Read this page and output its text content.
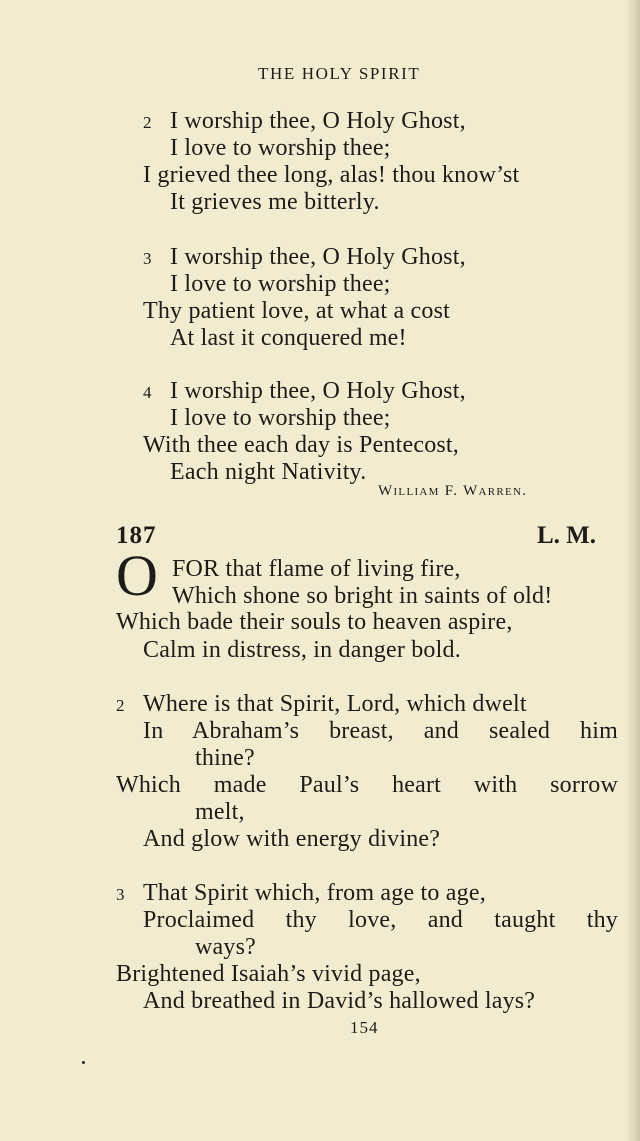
THE HOLY SPIRIT
2 I worship thee, O Holy Ghost,
I love to worship thee;
I grieved thee long, alas! thou know’st
It grieves me bitterly.
3 I worship thee, O Holy Ghost,
I love to worship thee;
Thy patient love, at what a cost
At last it conquered me!
4 I worship thee, O Holy Ghost,
I love to worship thee;
With thee each day is Pentecost,
Each night Nativity.
William F. Warren.
187	L. M.
O FOR that flame of living fire,
Which shone so bright in saints of old!
Which bade their souls to heaven aspire,
Calm in distress, in danger bold.
2 Where is that Spirit, Lord, which dwelt
In Abraham’s breast, and sealed him
thine?
Which made Paul’s heart with sorrow
melt,
And glow with energy divine?
3 That Spirit which, from age to age,
Proclaimed thy love, and taught thy
ways?
Brightened Isaiah’s vivid page,
And breathed in David’s hallowed lays?
154
